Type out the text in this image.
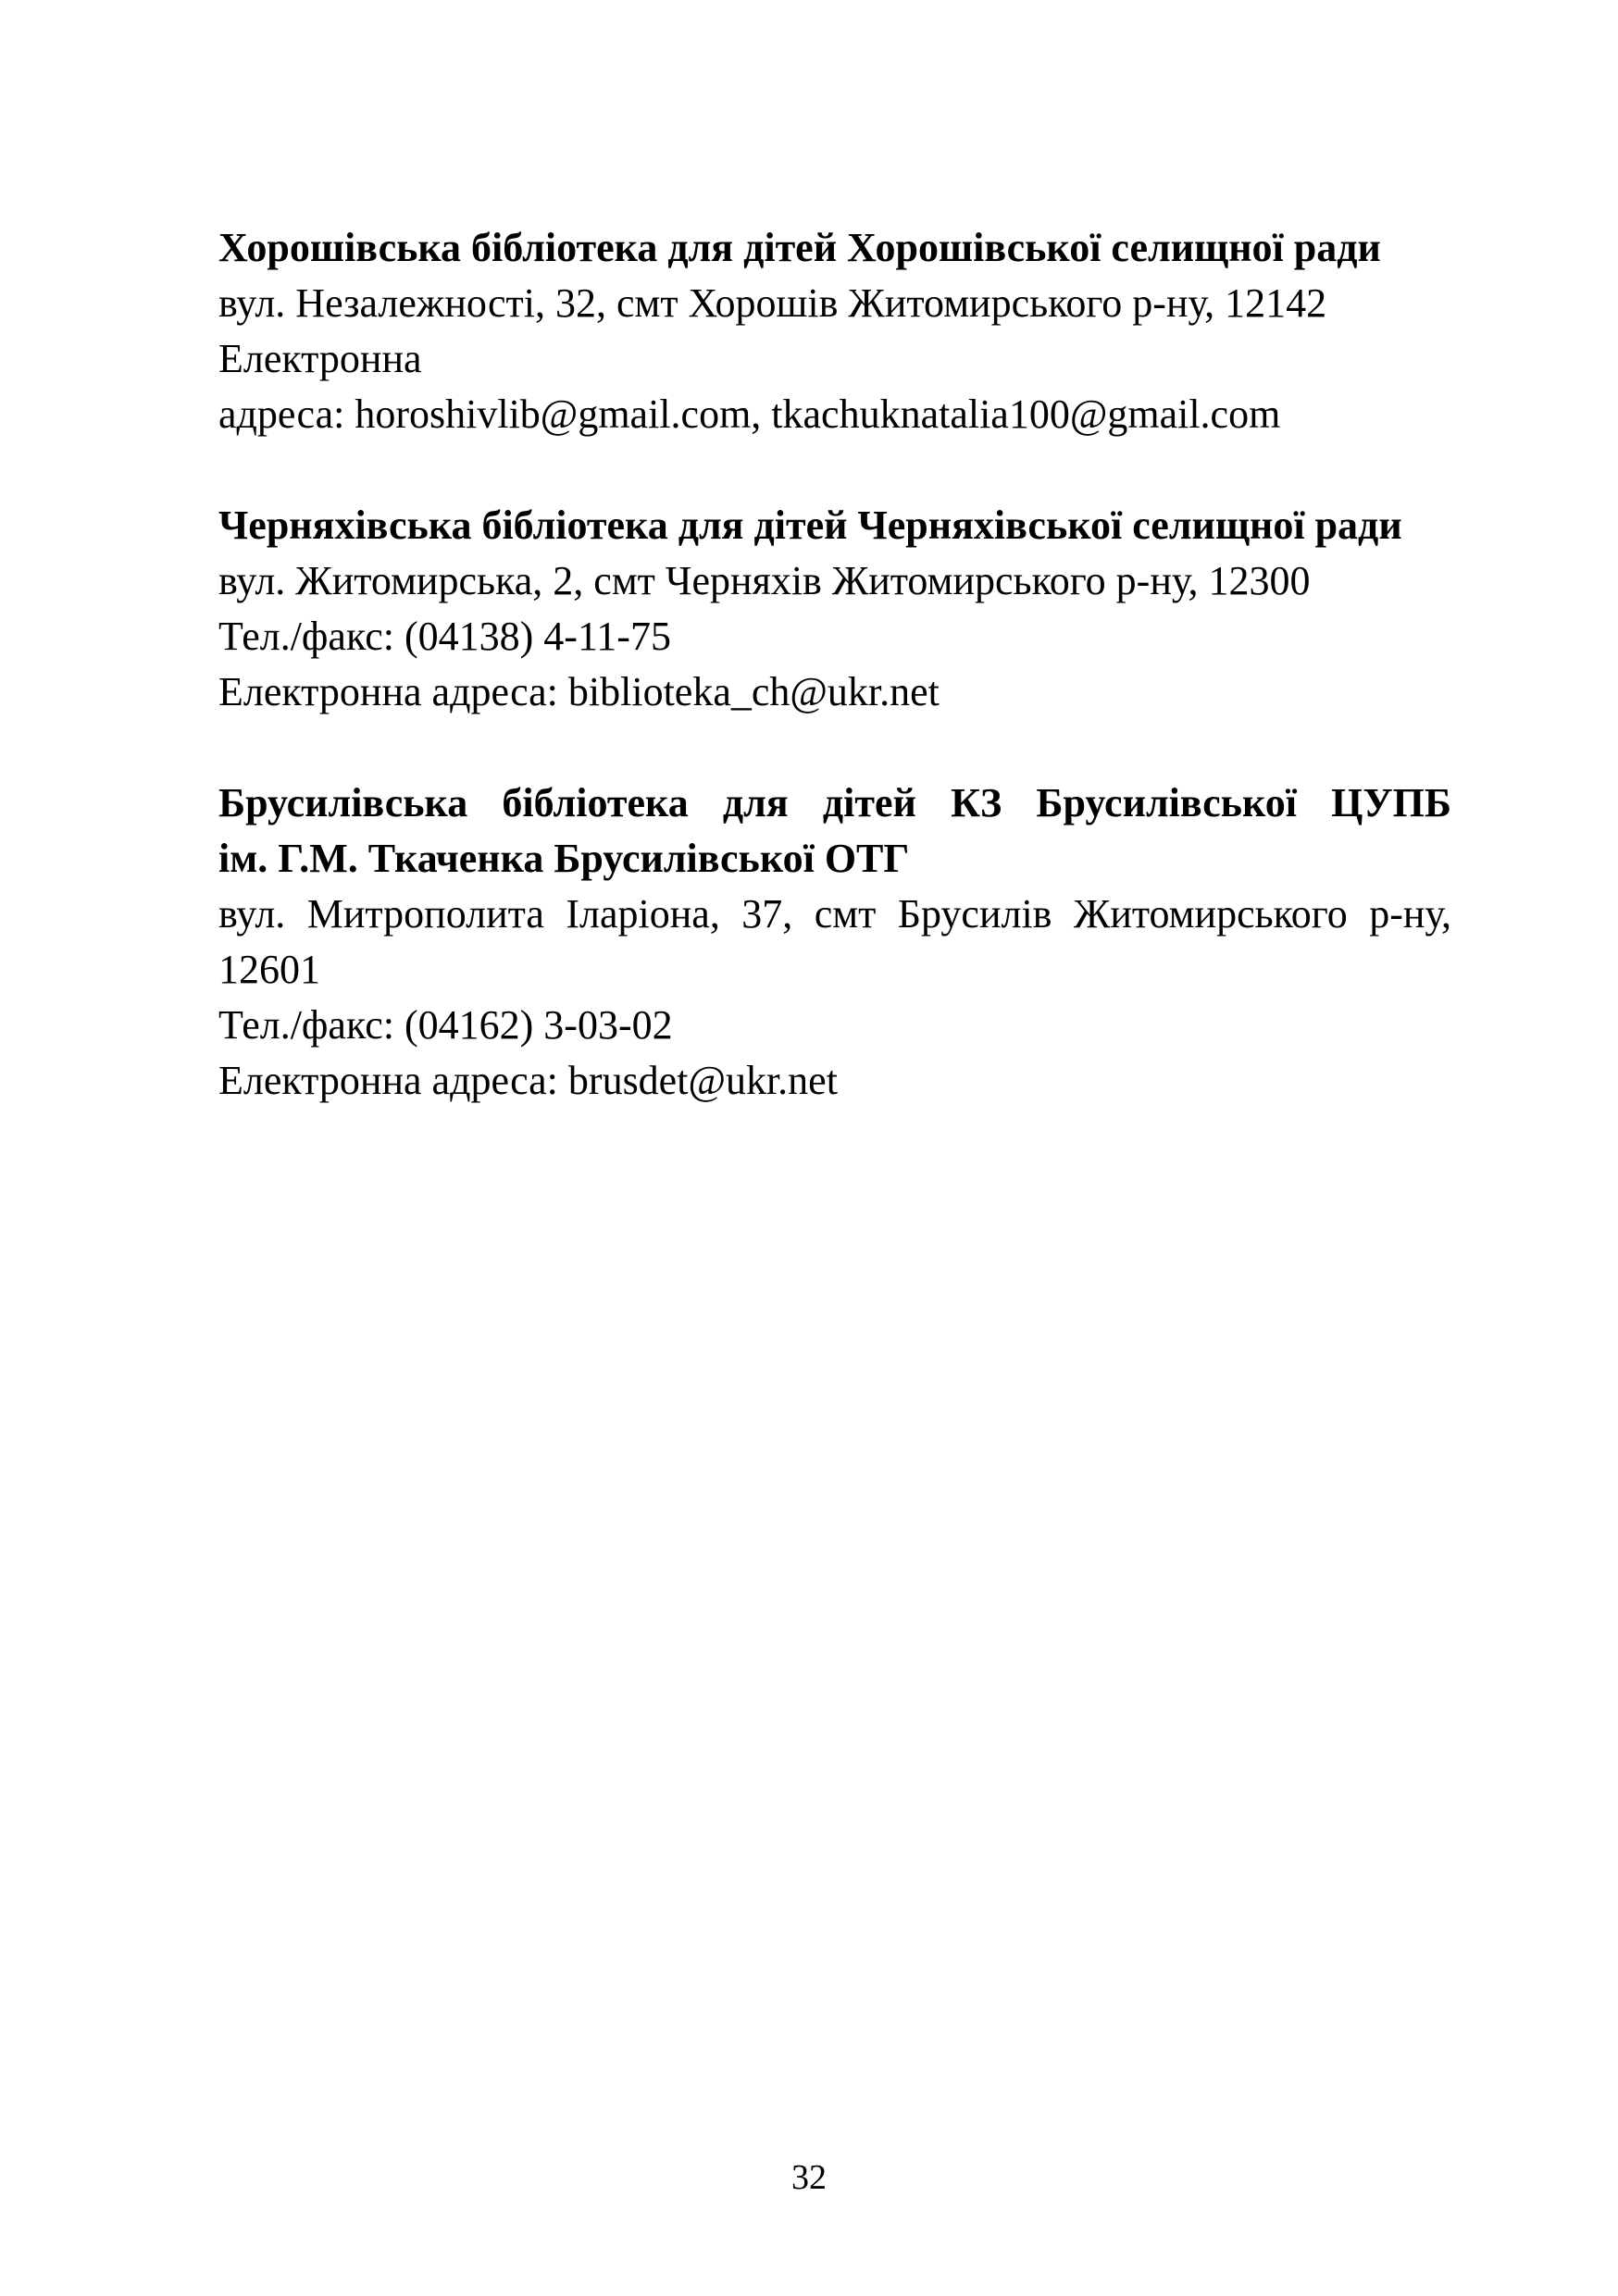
Хорошівська бібліотека для дітей Хорошівської селищної ради

вул. Незалежності, 32, смт Хорошів Житомирського р-ну, 12142

Електронна

адреса: horoshivlib@gmail.com, tkachuknatalia100@gmail.com

Черняхівська бібліотека для дітей Черняхівської селищної ради

вул. Житомирська, 2, смт Черняхів Житомирського р-ну, 12300

Тел./факс: (04138) 4-11-75

Електронна адреса: biblioteka_ch@ukr.net

Брусилівська бібліотека для дітей КЗ Брусилівської ЦУПБ

ім. Г.М. Ткаченка Брусилівської ОТГ

вул. Митрополита Іларіона, 37, смт Брусилів Житомирського р-ну,

12601

Тел./факс: (04162) 3-03-02

Електронна адреса: brusdet@ukr.net

32
